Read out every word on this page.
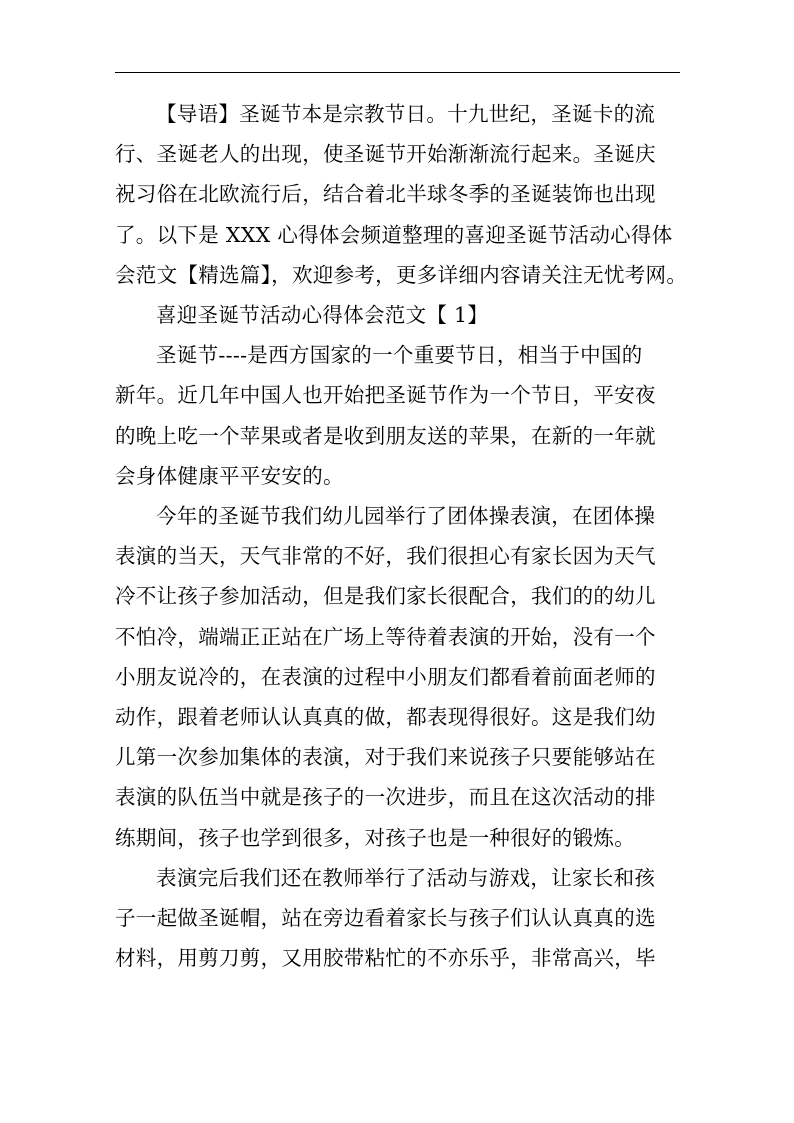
【导语】圣诞节本是宗教节日。十九世纪，圣诞卡的流
行、圣诞老人的出现，使圣诞节开始渐渐流行起来。圣诞庆
祝习俗在北欧流行后，结合着北半球冬季的圣诞装饰也出现
了。以下是 XXX 心得体会频道整理的喜迎圣诞节活动心得体
会范文【精选篇】，欢迎参考，更多详细内容请关注无忧考网。

喜迎圣诞节活动心得体会范文【 1】

圣诞节----是西方国家的一个重要节日，相当于中国的
新年。近几年中国人也开始把圣诞节作为一个节日，平安夜
的晚上吃一个苹果或者是收到朋友送的苹果，在新的一年就
会身体健康平平安安的。

今年的圣诞节我们幼儿园举行了团体操表演，在团体操
表演的当天，天气非常的不好，我们很担心有家长因为天气
冷不让孩子参加活动，但是我们家长很配合，我们的的幼儿
不怕冷，端端正正站在广场上等待着表演的开始，没有一个
小朋友说冷的，在表演的过程中小朋友们都看着前面老师的
动作，跟着老师认认真真的做，都表现得很好。这是我们幼
儿第一次参加集体的表演，对于我们来说孩子只要能够站在
表演的队伍当中就是孩子的一次进步，而且在这次活动的排
练期间，孩子也学到很多，对孩子也是一种很好的锻炼。

表演完后我们还在教师举行了活动与游戏，让家长和孩
子一起做圣诞帽，站在旁边看着家长与孩子们认认真真的选
材料，用剪刀剪，又用胶带粘忙的不亦乐乎，非常高兴，毕
